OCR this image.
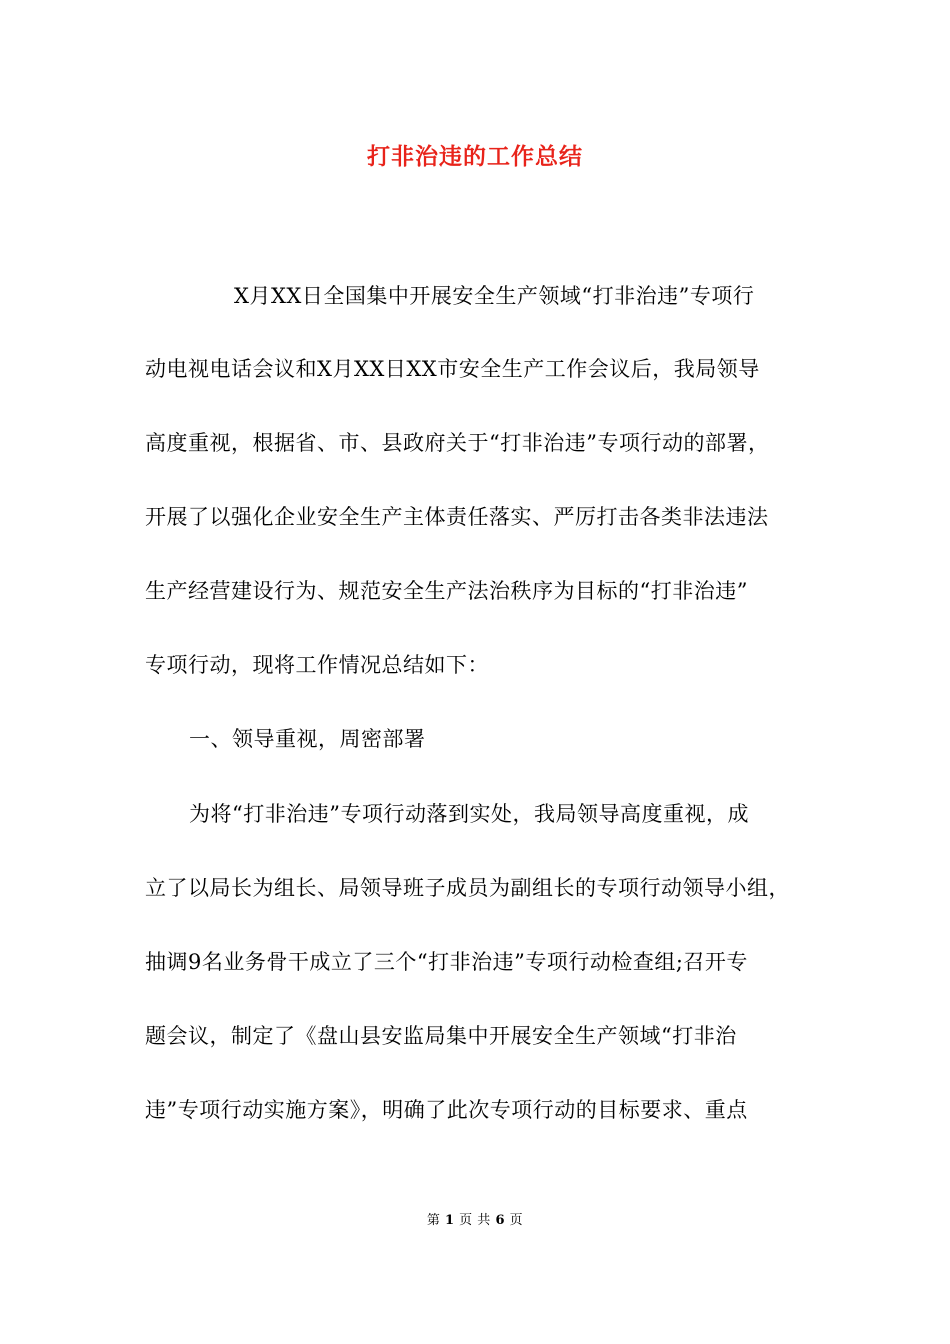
打非治违的工作总结
X月XX日全国集中开展安全生产领域“打非治违”专项行
动电视电话会议和X月XX日XX市安全生产工作会议后，我局领导
高度重视，根据省、市、县政府关于“打非治违”专项行动的部署，
开展了以强化企业安全生产主体责任落实、严厉打击各类非法违法
生产经营建设行为、规范安全生产法治秩序为目标的“打非治违”
专项行动，现将工作情况总结如下：
一、领导重视，周密部署
为将“打非治违”专项行动落到实处，我局领导高度重视，成
立了以局长为组长、局领导班子成员为副组长的专项行动领导小组，
抽调9名业务骨干成立了三个“打非治违”专项行动检查组;召开专
题会议，制定了《盘山县安监局集中开展安全生产领域“打非治
违”专项行动实施方案》，明确了此次专项行动的目标要求、重点
第 1 页 共 6 页
